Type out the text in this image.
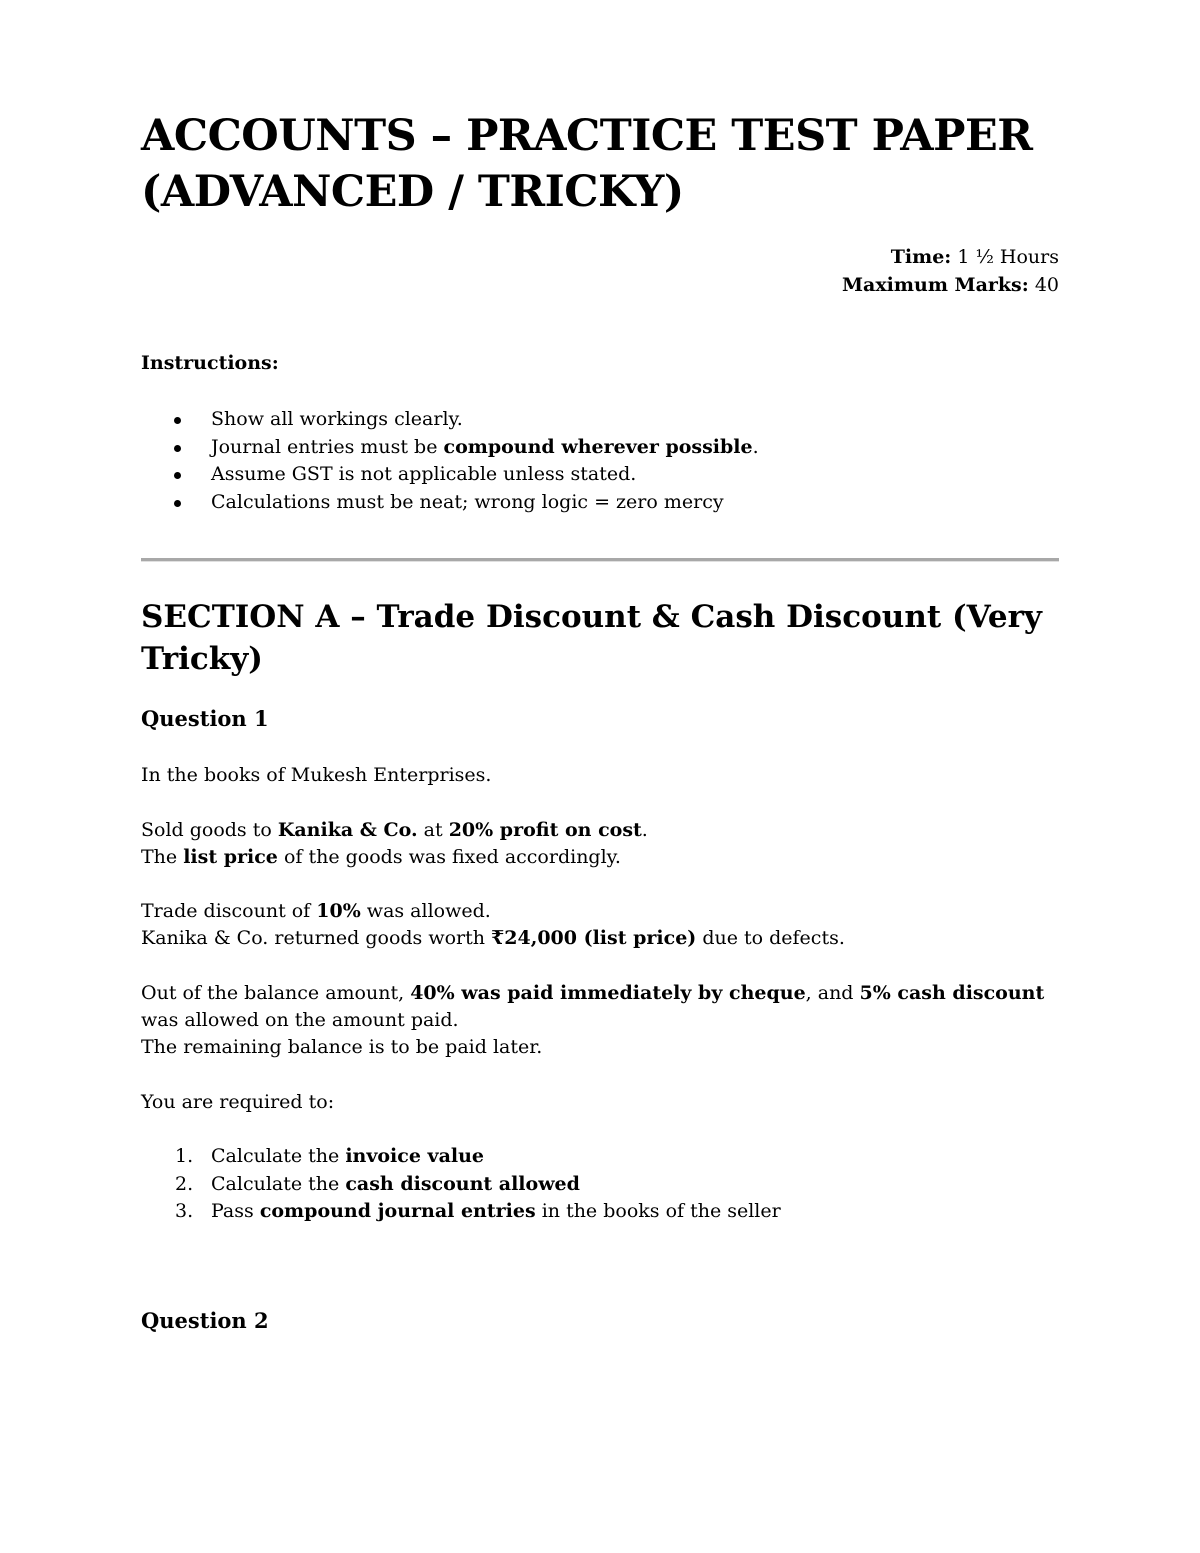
ACCOUNTS – PRACTICE TEST PAPER
(ADVANCED / TRICKY)
Time: 1 ½ Hours
Maximum Marks: 40
Instructions:
Show all workings clearly.
Journal entries must be compound wherever possible.
Assume GST is not applicable unless stated.
Calculations must be neat; wrong logic = zero mercy
SECTION A – Trade Discount & Cash Discount (Very Tricky)
Question 1

In the books of Mukesh Enterprises.

Sold goods to Kanika & Co. at 20% profit on cost.
The list price of the goods was fixed accordingly.

Trade discount of 10% was allowed.
Kanika & Co. returned goods worth ₹24,000 (list price) due to defects.

Out of the balance amount, 40% was paid immediately by cheque, and 5% cash discount was allowed on the amount paid.
The remaining balance is to be paid later.

You are required to:

1. Calculate the invoice value
2. Calculate the cash discount allowed
3. Pass compound journal entries in the books of the seller
Question 2
